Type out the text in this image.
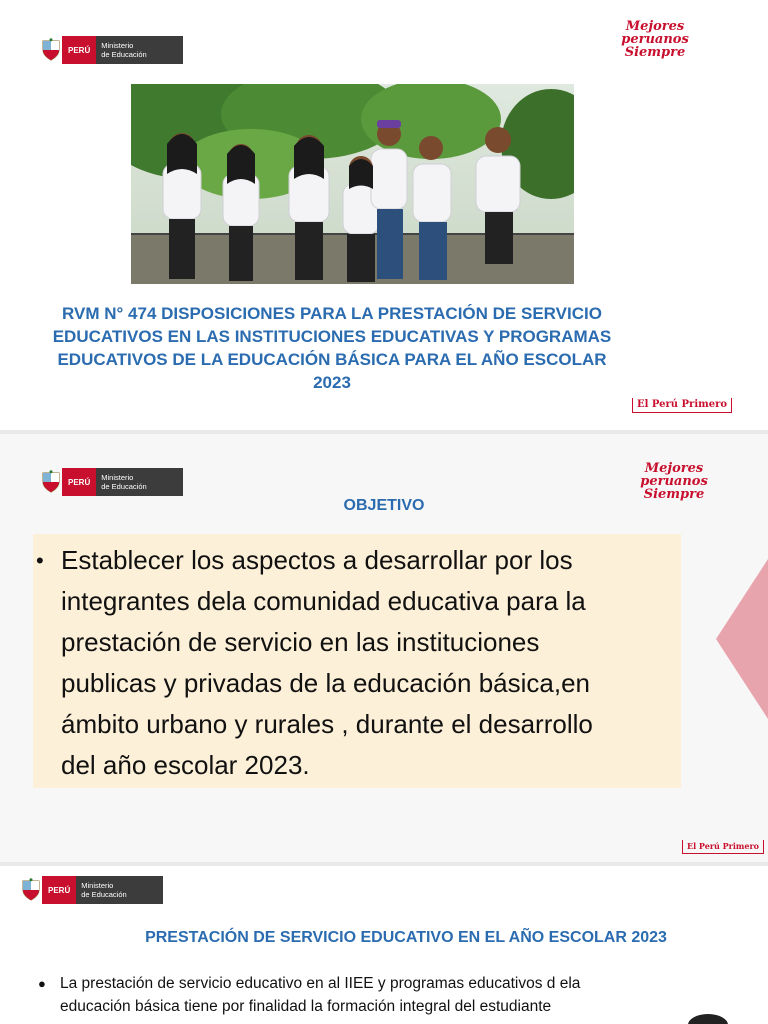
PERÚ	Ministerio
de Educación
Mejores
peruanos
Siempre
RVM N° 474 DISPOSICIONES PARA LA PRESTACIÓN DE SERVICIO
EDUCATIVOS EN LAS INSTITUCIONES EDUCATIVAS Y PROGRAMAS
EDUCATIVOS DE LA EDUCACIÓN BÁSICA PARA EL AÑO ESCOLAR
2023
El Perú Primero
PERÚ	Ministerio
de Educación
Mejores
peruanos
Siempre
OBJETIVO
• Establecer los aspectos a desarrollar por los
integrantes dela comunidad educativa para la
prestación de servicio en las instituciones
publicas y privadas de la educación básica,en
ámbito urbano y rurales , durante el desarrollo
del año escolar 2023.
El Perú Primero
PERÚ	Ministerio
de Educación
PRESTACIÓN DE SERVICIO EDUCATIVO EN EL AÑO ESCOLAR 2023
● La prestación de servicio educativo en al IIEE y programas educativos d ela
educación básica tiene por finalidad la formación integral del estudiante
